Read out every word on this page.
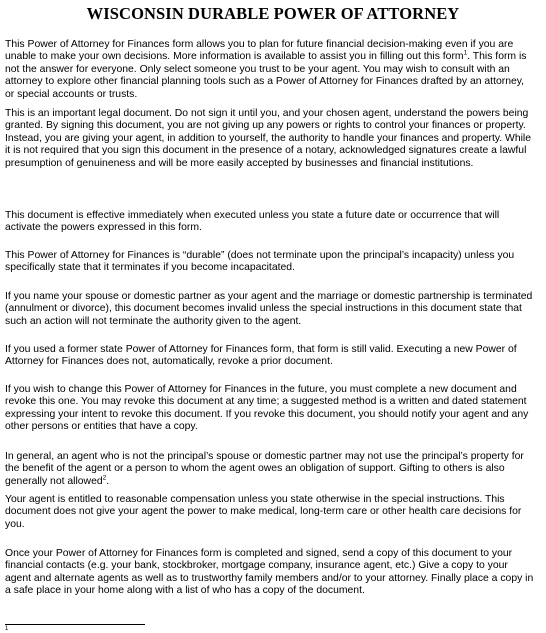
WISCONSIN DURABLE POWER OF ATTORNEY

This Power of Attorney for Finances form allows you to plan for future financial decision-making even if you are unable to make your own decisions. More information is available to assist you in filling out this form$^1$. This form is not the answer for everyone. Only select someone you trust to be your agent. You may wish to consult with an attorney to explore other financial planning tools such as a Power of Attorney for Finances drafted by an attorney, or special accounts or trusts.

This is an important legal document. Do not sign it until you, and your chosen agent, understand the powers being granted. By signing this document, you are not giving up any powers or rights to control your finances or property. Instead, you are giving your agent, in addition to yourself, the authority to handle your finances and property. While it is not required that you sign this document in the presence of a notary, acknowledged signatures create a lawful presumption of genuineness and will be more easily accepted by businesses and financial institutions.

This document is effective immediately when executed unless you state a future date or occurrence that will activate the powers expressed in this form.

This Power of Attorney for Finances is “durable” (does not terminate upon the principal’s incapacity) unless you specifically state that it terminates if you become incapacitated.

If you name your spouse or domestic partner as your agent and the marriage or domestic partnership is terminated (annulment or divorce), this document becomes invalid unless the special instructions in this document state that such an action will not terminate the authority given to the agent.

If you used a former state Power of Attorney for Finances form, that form is still valid. Executing a new Power of Attorney for Finances does not, automatically, revoke a prior document.

If you wish to change this Power of Attorney for Finances in the future, you must complete a new document and revoke this one. You may revoke this document at any time; a suggested method is a written and dated statement expressing your intent to revoke this document. If you revoke this document, you should notify your agent and any other persons or entities that have a copy.

In general, an agent who is not the principal’s spouse or domestic partner may not use the principal’s property for the benefit of the agent or a person to whom the agent owes an obligation of support. Gifting to others is also generally not allowed$^2$.

Your agent is entitled to reasonable compensation unless you state otherwise in the special instructions. This document does not give your agent the power to make medical, long-term care or other health care decisions for you.

Once your Power of Attorney for Finances form is completed and signed, send a copy of this document to your financial contacts (e.g. your bank, stockbroker, mortgage company, insurance agent, etc.) Give a copy to your agent and alternate agents as well as to trustworthy family members and/or to your attorney. Finally place a copy in a safe place in your home along with a list of who has a copy of the document.

1
